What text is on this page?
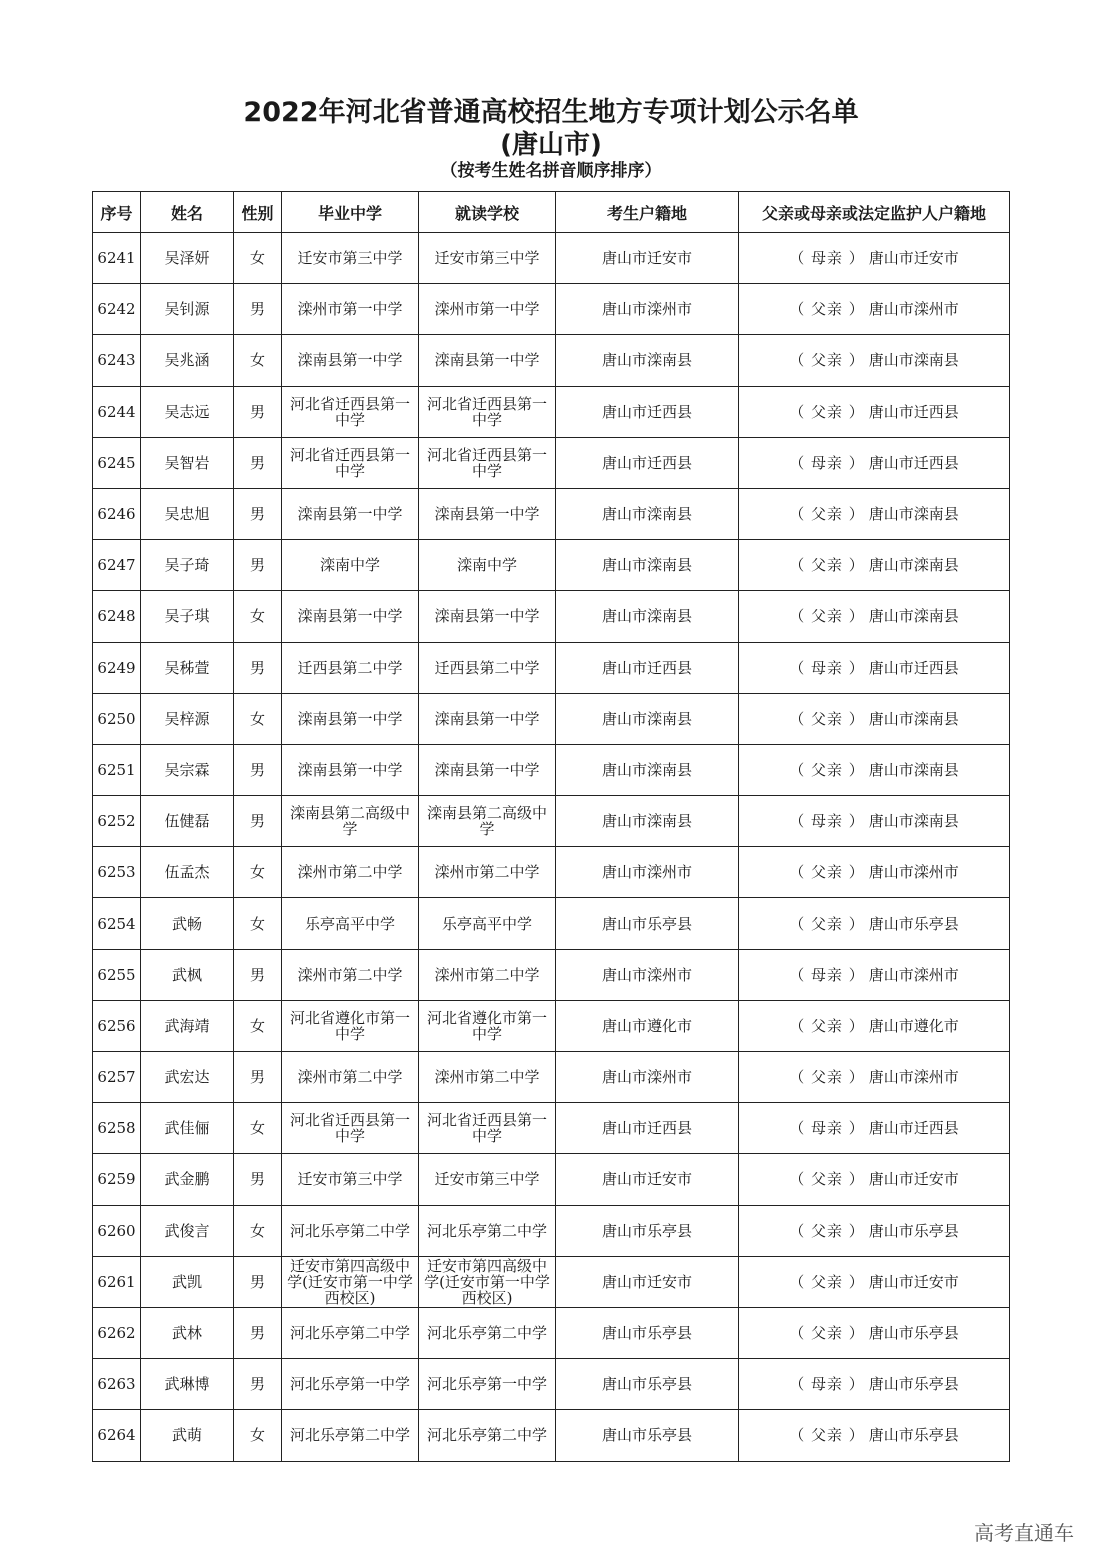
2022年河北省普通高校招生地方专项计划公示名单
(唐山市)
（按考生姓名拼音顺序排序）
序号	姓名	性别	毕业中学	就读学校	考生户籍地	父亲或母亲或法定监护人户籍地
6241	吴泽妍	女	迁安市第三中学	迁安市第三中学	唐山市迁安市	（ 母亲 ） 唐山市迁安市
6242	吴钊源	男	滦州市第一中学	滦州市第一中学	唐山市滦州市	（ 父亲 ） 唐山市滦州市
6243	吴兆涵	女	滦南县第一中学	滦南县第一中学	唐山市滦南县	（ 父亲 ） 唐山市滦南县
6244	吴志远	男	河北省迁西县第一中学	河北省迁西县第一中学	唐山市迁西县	（ 父亲 ） 唐山市迁西县
6245	吴智岩	男	河北省迁西县第一中学	河北省迁西县第一中学	唐山市迁西县	（ 母亲 ） 唐山市迁西县
6246	吴忠旭	男	滦南县第一中学	滦南县第一中学	唐山市滦南县	（ 父亲 ） 唐山市滦南县
6247	吴子琦	男	滦南中学	滦南中学	唐山市滦南县	（ 父亲 ） 唐山市滦南县
6248	吴子琪	女	滦南县第一中学	滦南县第一中学	唐山市滦南县	（ 父亲 ） 唐山市滦南县
6249	吴秭萱	男	迁西县第二中学	迁西县第二中学	唐山市迁西县	（ 母亲 ） 唐山市迁西县
6250	吴梓源	女	滦南县第一中学	滦南县第一中学	唐山市滦南县	（ 父亲 ） 唐山市滦南县
6251	吴宗霖	男	滦南县第一中学	滦南县第一中学	唐山市滦南县	（ 父亲 ） 唐山市滦南县
6252	伍健磊	男	滦南县第二高级中学	滦南县第二高级中学	唐山市滦南县	（ 母亲 ） 唐山市滦南县
6253	伍孟杰	女	滦州市第二中学	滦州市第二中学	唐山市滦州市	（ 父亲 ） 唐山市滦州市
6254	武畅	女	乐亭高平中学	乐亭高平中学	唐山市乐亭县	（ 父亲 ） 唐山市乐亭县
6255	武枫	男	滦州市第二中学	滦州市第二中学	唐山市滦州市	（ 母亲 ） 唐山市滦州市
6256	武海靖	女	河北省遵化市第一中学	河北省遵化市第一中学	唐山市遵化市	（ 父亲 ） 唐山市遵化市
6257	武宏达	男	滦州市第二中学	滦州市第二中学	唐山市滦州市	（ 父亲 ） 唐山市滦州市
6258	武佳俪	女	河北省迁西县第一中学	河北省迁西县第一中学	唐山市迁西县	（ 母亲 ） 唐山市迁西县
6259	武金鹏	男	迁安市第三中学	迁安市第三中学	唐山市迁安市	（ 父亲 ） 唐山市迁安市
6260	武俊言	女	河北乐亭第二中学	河北乐亭第二中学	唐山市乐亭县	（ 父亲 ） 唐山市乐亭县
6261	武凯	男	迁安市第四高级中学(迁安市第一中学西校区)	迁安市第四高级中学(迁安市第一中学西校区)	唐山市迁安市	（ 父亲 ） 唐山市迁安市
6262	武林	男	河北乐亭第二中学	河北乐亭第二中学	唐山市乐亭县	（ 父亲 ） 唐山市乐亭县
6263	武琳博	男	河北乐亭第一中学	河北乐亭第一中学	唐山市乐亭县	（ 母亲 ） 唐山市乐亭县
6264	武萌	女	河北乐亭第二中学	河北乐亭第二中学	唐山市乐亭县	（ 父亲 ） 唐山市乐亭县
高考直通车
